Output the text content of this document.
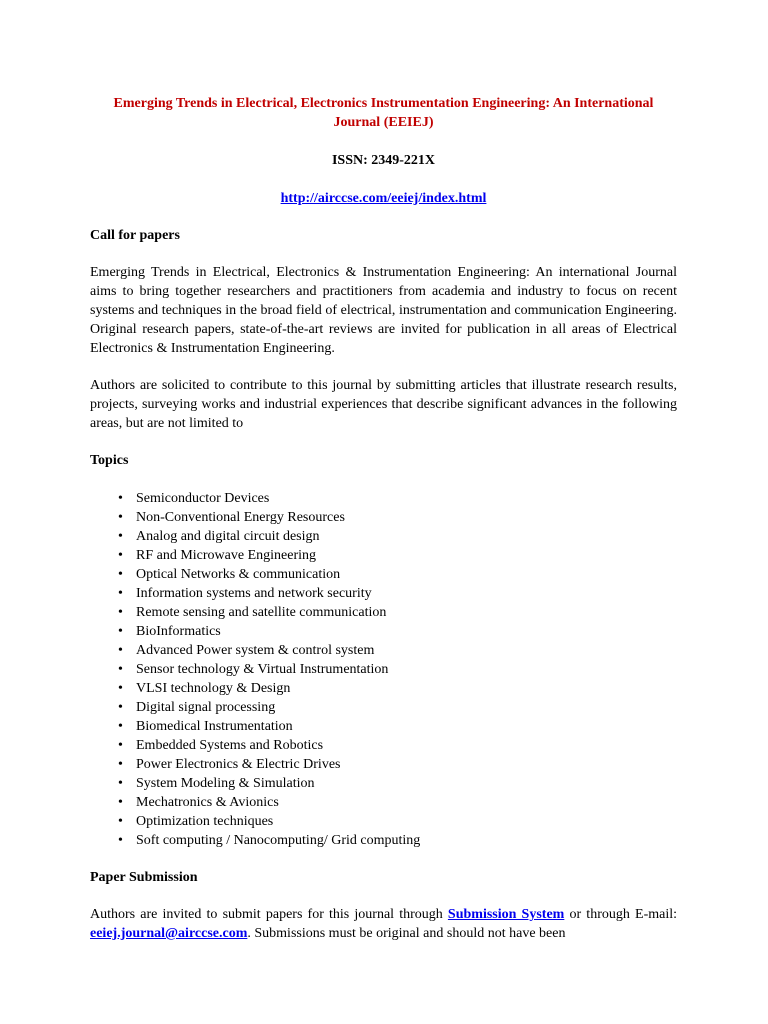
Emerging Trends in Electrical, Electronics Instrumentation Engineering: An International Journal (EEIEJ)

ISSN: 2349-221X

http://airccse.com/eeiej/index.html

Call for papers

Emerging Trends in Electrical, Electronics & Instrumentation Engineering: An international Journal aims to bring together researchers and practitioners from academia and industry to focus on recent systems and techniques in the broad field of electrical, instrumentation and communication Engineering. Original research papers, state-of-the-art reviews are invited for publication in all areas of Electrical Electronics & Instrumentation Engineering.

Authors are solicited to contribute to this journal by submitting articles that illustrate research results, projects, surveying works and industrial experiences that describe significant advances in the following areas, but are not limited to

Topics

• Semiconductor Devices
• Non-Conventional Energy Resources
• Analog and digital circuit design
• RF and Microwave Engineering
• Optical Networks & communication
• Information systems and network security
• Remote sensing and satellite communication
• BioInformatics
• Advanced Power system & control system
• Sensor technology & Virtual Instrumentation
• VLSI technology & Design
• Digital signal processing
• Biomedical Instrumentation
• Embedded Systems and Robotics
• Power Electronics & Electric Drives
• System Modeling & Simulation
• Mechatronics & Avionics
• Optimization techniques
• Soft computing / Nanocomputing/ Grid computing

Paper Submission

Authors are invited to submit papers for this journal through Submission System or through E-mail: eeiej.journal@airccse.com. Submissions must be original and should not have been
